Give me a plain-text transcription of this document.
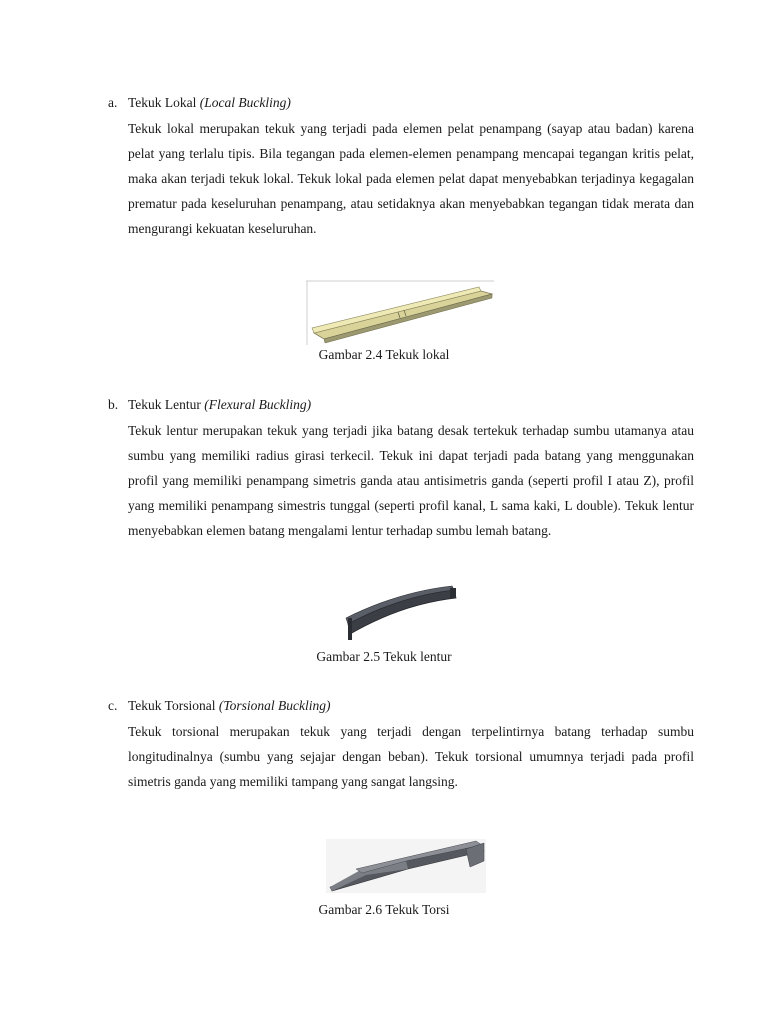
a. Tekuk Lokal (Local Buckling)

Tekuk lokal merupakan tekuk yang terjadi pada elemen pelat penampang (sayap atau badan) karena pelat yang terlalu tipis. Bila tegangan pada elemen-elemen penampang mencapai tegangan kritis pelat, maka akan terjadi tekuk lokal. Tekuk lokal pada elemen pelat dapat menyebabkan terjadinya kegagalan prematur pada keseluruhan penampang, atau setidaknya akan menyebabkan tegangan tidak merata dan mengurangi kekuatan keseluruhan.

Gambar 2.4 Tekuk lokal
b. Tekuk Lentur (Flexural Buckling)

Tekuk lentur merupakan tekuk yang terjadi jika batang desak tertekuk terhadap sumbu utamanya atau sumbu yang memiliki radius girasi terkecil. Tekuk ini dapat terjadi pada batang yang menggunakan profil yang memiliki penampang simetris ganda atau antisimetris ganda (seperti profil I atau Z), profil yang memiliki penampang simestris tunggal (seperti profil kanal, L sama kaki, L double). Tekuk lentur menyebabkan elemen batang mengalami lentur terhadap sumbu lemah batang.

Gambar 2.5 Tekuk lentur
c. Tekuk Torsional (Torsional Buckling)

Tekuk torsional merupakan tekuk yang terjadi dengan terpelintirnya batang terhadap sumbu longitudinalnya (sumbu yang sejajar dengan beban). Tekuk torsional umumnya terjadi pada profil simetris ganda yang memiliki tampang yang sangat langsing.

Gambar 2.6 Tekuk Torsi
